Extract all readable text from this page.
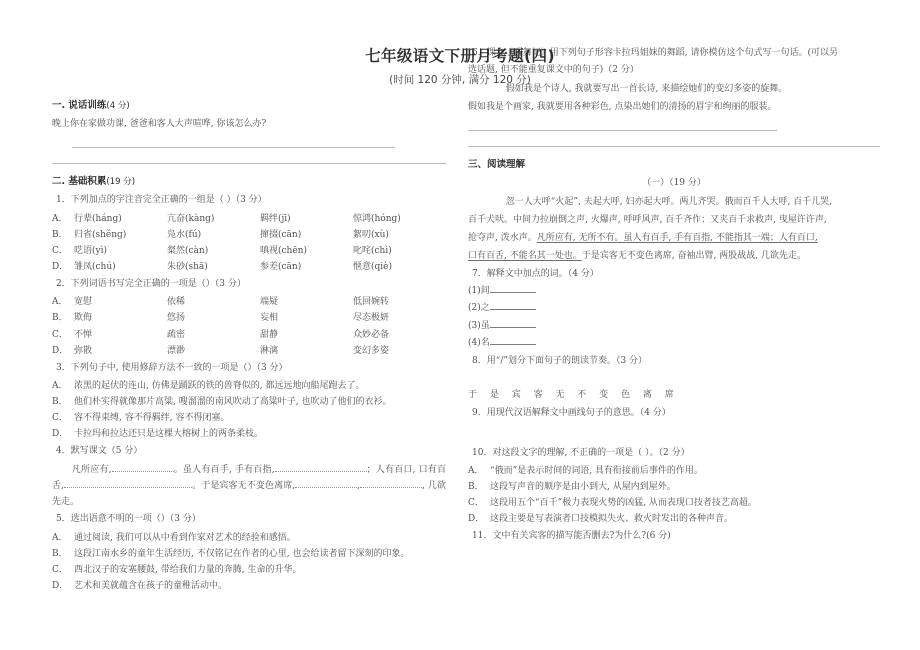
七年级语文下册月考题(四)
(时间 120 分钟, 满分 120 分)
一. 说话训练(4 分)
晚上你在家做功课, 爸爸和客人大声喧哗, 你该怎么办?
二. 基础积累(19 分)
1．下列加点的字注音完全正确的一组是（ ）（3 分）
A． 行辈(háng)	亢奋(kàng)	羁绊(jī)	惊鸿(hóng)
B． 归省(shěng)	凫水(fú)	撺掇(cān)	絮叨(xù)
C． 呓语(yì)	粲然(càn)	嗔视(chēn)	叱咤(chì)
D． 雏凤(chú)	朱砂(shā)	参差(cān)	惬意(qiè)
2．下列词语书写完全正确的一项是（）（3 分）
A． 宽慰	依稀	端疑	低回婉转
B． 欺侮	悠扬	妄相	尽态极妍
C． 不惮	疏密	甜静	众妙必备
D． 弥散	漂渺	淋漓	变幻多姿
3．下列句子中, 使用修辞方法不一致的一项是（）（3 分）
A． 浓黑的起伏的连山, 仿佛是踊跃的铁的兽脊似的, 都远远地向船尾跑去了。
B． 他们朴实得就像那片高粱, 嗖溜溜的南风吹动了高粱叶子, 也吹动了他们的衣衫。
C． 容不得束缚, 容不得羁绊, 容不得闭塞。
D． 卡拉玛和拉达还只是这棵大榕树上的两条柔枝。
4．默写课文（5 分）
凡所应有,	。虽人有百手, 手有百指,	；人有百口, 口有百舌,	。于是宾客无不变色离席,	,	, 几欲先走。
5．选出语意不明的一项（）（3 分）
A． 通过阅读, 我们可以从中看到作家对艺术的经验和感悟。
B． 这段江南水乡的童年生活经历, 不仅铭记在作者的心里, 也会给读者留下深刻的印象。
C． 西北汉子的安塞腰鼓, 带给我们力量的奔腾, 生命的升华。
D． 艺术和美就蕴含在孩子的童稚活动中。
6．课文《观舞记》用下列句子形容卡拉玛姐妹的舞蹈, 请你模仿这个句式写一句话。(可以另
选话题, 但不能重复课文中的句子)（2 分）
假如我是个诗人, 我就要写出一首长诗, 来描绘她们的变幻多姿的旋舞。
假如我是个画家, 我就要用各种彩色, 点染出她们的清扬的眉宇和绚丽的服装。
三、阅读理解
（一）（19 分）
忽一人大呼“火起”, 夫起大呼, 妇亦起大呼。两儿齐哭。俄而百千人大呼, 百千儿哭,
百千犬吠。中间力拉崩倒之声, 火爆声, 呼呼风声, 百千齐作；又夹百千求救声, 曳屋许许声,
抢夺声, 泼水声。凡所应有, 无所不有。虽人有百手, 手有百指, 不能指其一端；人有百口,
口有百舌, 不能名其一处也。于是宾客无不变色离席, 奋袖出臂, 两股战战, 几欲先走。
7．解释文中加点的词。（4 分）
(1)间
(2)之
(3)虽
(4)名
8．用“/”划分下面句子的朗读节奏。（3 分）
于 是 宾 客 无 不 变 色 离 席
9．用现代汉语解释文中画线句子的意思。（4 分）
10．对这段文字的理解, 不正确的一项是（ ）。（2 分）
A． “俄而”是表示时间的词语, 具有衔接前后事件的作用。
B． 这段写声音的顺序是由小到大, 从屋内到屋外。
C． 这段用五个“百千”极力表现火势的凶猛, 从而表现口技者技艺高超。
D． 这段主要是写表演者口技模拟失火、救火时发出的各种声音。
11．文中有关宾客的描写能否删去?为什么?(6 分)
